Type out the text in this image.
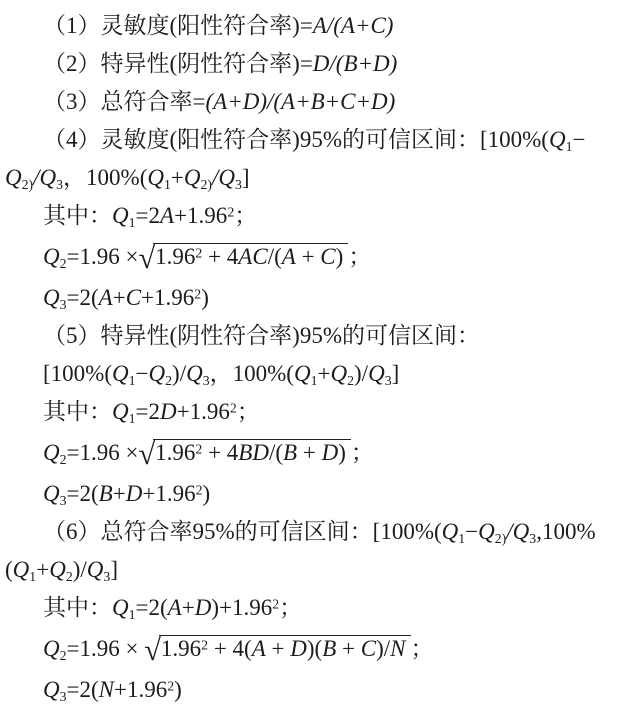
（1）灵敏度(阳性符合率)=A/(A+C)
（2）特异性(阴性符合率)=D/(B+D)
（3）总符合率=(A+D)/(A+B+C+D)
（4）灵敏度(阳性符合率)95%的可信区间：[$100\%(Q_1-$
$Q_{2)}/Q_3$，$100\%(Q_1+Q_{2)}/Q_3]$
其中：$Q_1=2A+1.96^2$；
$Q_2=1.96 \times√1.96^2 + 4AC/(A + C)$ ；
$Q_3=2(A+C+1.96^2)$
（5）特异性(阴性符合率)95%的可信区间：
[$100\%(Q_1-Q_2)/Q_3$，$100\%(Q_1+Q_2)/Q_3$]
其中：$Q_1=2D+1.96^2$；
$Q_2=1.96 \times√1.96^2 + 4BD/(B + D)$ ；
$Q_3=2(B+D+1.96^2)$
（6）总符合率95%的可信区间：[$100\%(Q_1-Q_{2)}/Q_3,100\%$
$(Q_1+Q_2)/Q_3$]
其中：$Q_1=2(A+D)+1.96^2$；
$Q_2=1.96 \times √1.96^2 + 4(A + D)(B + C)/N$ ；
$Q_3=2(N+1.96^2)$
